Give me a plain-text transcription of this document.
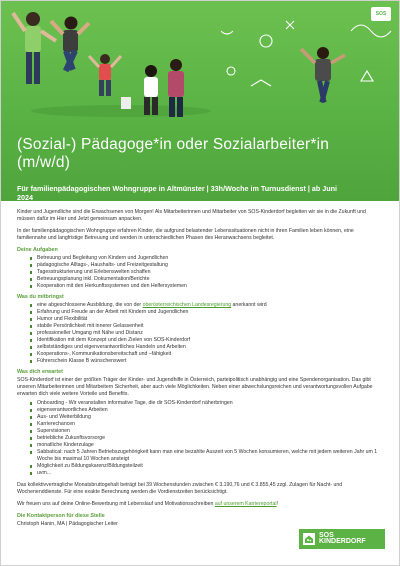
SOS
(Sozial-) Pädagoge*in oder Sozialarbeiter*in (m/w/d)
Für familienpädagogischen Wohngruppe in Altmünster | 33h/Woche im Turnusdienst | ab Juni 2024

Kinder und Jugendliche sind die Erwachsenen von Morgen! Als Mitarbeiterinnen und Mitarbeiter von SOS-Kinderdorf begleiten wir sie in die Zukunft und müssen dafür im Hier und Jetzt gemeinsam anpacken.

In der familienpädagogischen Wohngruppe erfahren Kinder, die aufgrund belastender Lebenssituationen nicht in ihren Familien leben können, eine familiennahe und langfristige Betreuung und werden in unterschiedlichen Phasen des Heranwachsens begleitet.

Deine Aufgaben
Betreuung und Begleitung von Kindern und Jugendlichen
pädagogische Alltags-, Haushalts- und Freizeitgestaltung
Tagesstrukturierung und Erlebenswelten schaffen
Betreuungsplanung inkl. Dokumentation/Berichte
Kooperation mit den Herkunftssystemen und den Helfersystemen
Was du mitbringst
eine abgeschlossene Ausbildung, die von der oberösterreichischen Landesregierung anerkannt wird
Erfahrung und Freude an der Arbeit mit Kindern und Jugendlichen
Humor und Flexibilität
stabile Persönlichkeit mit innerer Gelassenheit
professioneller Umgang mit Nähe und Distanz
Identifikation mit dem Konzept und den Zielen von SOS-Kinderdorf
selbstständiges und eigenverantwortliches Handeln und Arbeiten
Kooperations-, Kommunikationsbereitschaft und –fähigkeit
Führerschein Klasse B wünschenswert
Was dich erwartet

SOS-Kinderdorf ist einer der größten Träger der Kinder- und Jugendhilfe in Österreich, parteipolitisch unabhängig und eine Spendenorganisation. Das gibt unseren Mitarbeiterinnen und Mitarbeitern Sicherheit, aber auch viele Möglichkeiten. Neben einer abwechslungsreichen und verantwortungsvollen Aufgabe erwarten dich viele weitere Vorteile und Benefits.

Onboarding - Wir veranstalten informative Tage, die dir SOS-Kinderdorf näherbringen
eigenverantwortliches Arbeiten
Aus- und Weiterbildung
Karrierechancen
Supervisionen
betriebliche Zukunftsvorsorge
monatliche Kinderzulage
Sabbatical: nach 5 Jahren Betriebszugehörigkeit kann man eine bezahlte Auszeit von 5 Wochen konsumieren, welche mit jedem weiteren Jahr um 1 Woche bis maximal 10 Wochen ansteigt
Möglichkeit zu Bildungskarenz/Bildungsteilzeit
uvm...

Das kollektivvertragliche Monatsbruttogehalt beträgt bei 39 Wochenstunden zwischen € 3.190,76 und € 3.855,45 zzgl. Zulagen für Nacht- und Wochenenddienste. Für eine exakte Berechnung werden die Vordienstzeiten berücksichtigt.

Wir freuen uns auf deine Online-Bewerbung mit Lebenslauf und Motivationsschreiben auf unserem Karriereportal!

Die Kontaktperson für diese Stelle
Christoph Hanin, MA | Pädagogischer Leiter
SOS
KINDERDORF
